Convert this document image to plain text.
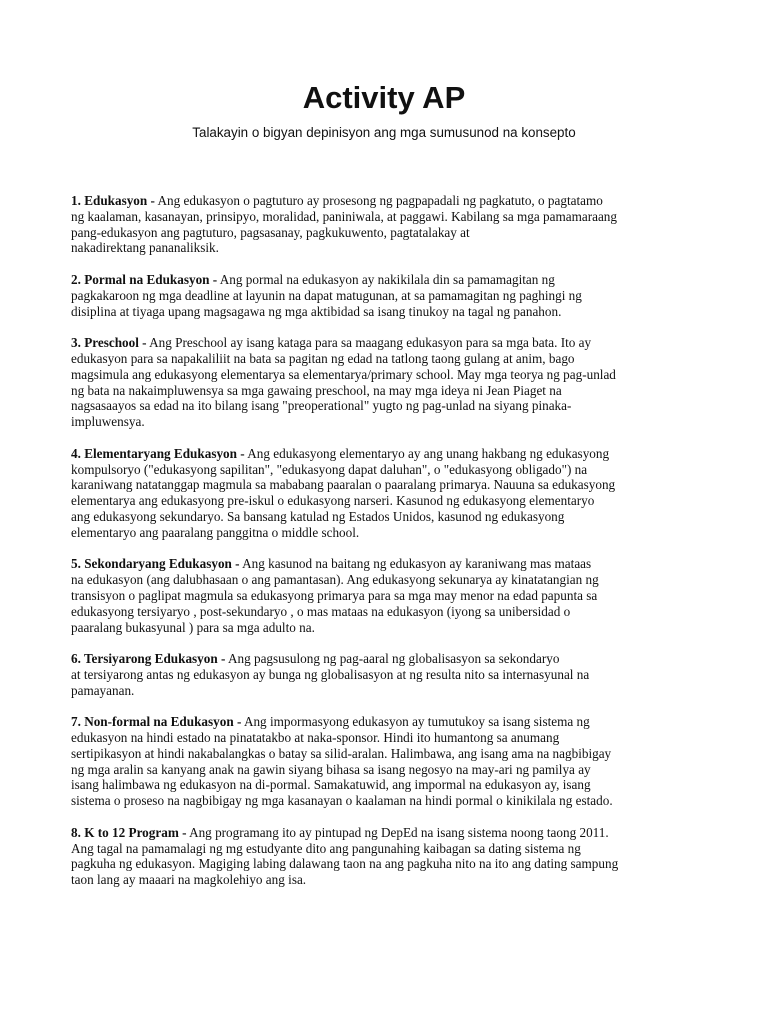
Activity AP

Talakayin o bigyan depinisyon ang mga sumusunod na konsepto

1. Edukasyon - Ang edukasyon o pagtuturo ay prosesong ng pagpapadali ng pagkatuto, o pagtatamo
ng kaalaman, kasanayan, prinsipyo, moralidad, paniniwala, at paggawi. Kabilang sa mga pamamaraang
pang-edukasyon ang pagtuturo, pagsasanay, pagkukuwento, pagtatalakay at
nakadirektang pananaliksik.

2. Pormal na Edukasyon - Ang pormal na edukasyon ay nakikilala din sa pamamagitan ng
pagkakaroon ng mga deadline at layunin na dapat matugunan, at sa pamamagitan ng paghingi ng
disiplina at tiyaga upang magsagawa ng mga aktibidad sa isang tinukoy na tagal ng panahon.

3. Preschool - Ang Preschool ay isang kataga para sa maagang edukasyon para sa mga bata. Ito ay
edukasyon para sa napakaliliit na bata sa pagitan ng edad na tatlong taong gulang at anim, bago
magsimula ang edukasyong elementarya sa elementarya/primary school. May mga teorya ng pag-unlad
ng bata na nakaimpluwensya sa mga gawaing preschool, na may mga ideya ni Jean Piaget na
nagsasaayos sa edad na ito bilang isang "preoperational" yugto ng pag-unlad na siyang pinaka-
impluwensya.

4. Elementaryang Edukasyon - Ang edukasyong elementaryo ay ang unang hakbang ng edukasyong
kompulsoryo ("edukasyong sapilitan", "edukasyong dapat daluhan", o "edukasyong obligado") na
karaniwang natatanggap magmula sa mababang paaralan o paaralang primarya. Nauuna sa edukasyong
elementarya ang edukasyong pre-iskul o edukasyong narseri. Kasunod ng edukasyong elementaryo
ang edukasyong sekundaryo. Sa bansang katulad ng Estados Unidos, kasunod ng edukasyong
elementaryo ang paaralang panggitna o middle school.

5. Sekondaryang Edukasyon - Ang kasunod na baitang ng edukasyon ay karaniwang mas mataas
na edukasyon (ang dalubhasaan o ang pamantasan). Ang edukasyong sekunarya ay kinatatangian ng
transisyon o paglipat magmula sa edukasyong primarya para sa mga may menor na edad papunta sa
edukasyong tersiyaryo , post-sekundaryo , o mas mataas na edukasyon (iyong sa unibersidad o
paaralang bukasyunal ) para sa mga adulto na.

6. Tersiyarong Edukasyon - Ang pagsusulong ng pag-aaral ng globalisasyon sa sekondaryo
at tersiyarong antas ng edukasyon ay bunga ng globalisasyon at ng resulta nito sa internasyunal na
pamayanan.

7. Non-formal na Edukasyon - Ang impormasyong edukasyon ay tumutukoy sa isang sistema ng
edukasyon na hindi estado na pinatatakbo at naka-sponsor. Hindi ito humantong sa anumang
sertipikasyon at hindi nakabalangkas o batay sa silid-aralan. Halimbawa, ang isang ama na nagbibigay
ng mga aralin sa kanyang anak na gawin siyang bihasa sa isang negosyo na may-ari ng pamilya ay
isang halimbawa ng edukasyon na di-pormal. Samakatuwid, ang impormal na edukasyon ay, isang
sistema o proseso na nagbibigay ng mga kasanayan o kaalaman na hindi pormal o kinikilala ng estado.

8. K to 12 Program - Ang programang ito ay pintupad ng DepEd na isang sistema noong taong 2011.
Ang tagal na pamamalagi ng mg estudyante dito ang pangunahing kaibagan sa dating sistema ng
pagkuha ng edukasyon. Magiging labing dalawang taon na ang pagkuha nito na ito ang dating sampung
taon lang ay maaari na magkolehiyo ang isa.
